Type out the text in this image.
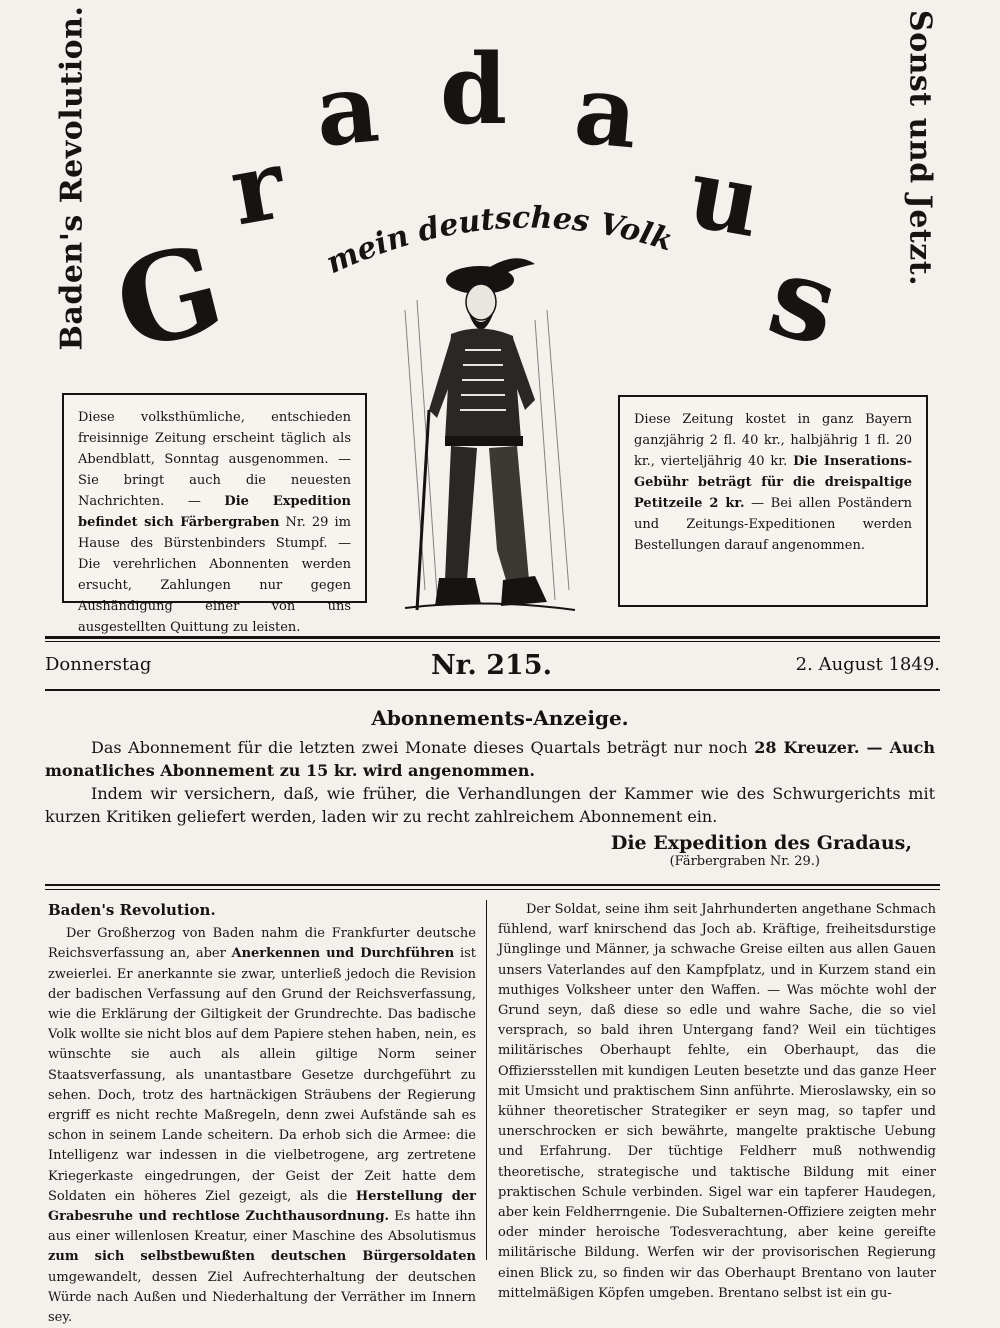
Baden's Revolution.	Sonst und Jetzt.
G
r
a d a
u
s
mein deutsches Volk!!

Diese volksthümliche, entschieden freisinnige Zeitung erscheint täglich als Abendblatt, Sonntag ausgenommen. — Sie bringt auch die neuesten Nachrichten. — Die Expedition befindet sich Färbergraben Nr. 29 im Hause des Bürstenbinders Stumpf. — Die verehrlichen Abonnenten werden ersucht, Zahlungen nur gegen Aushändigung einer von uns ausgestellten Quittung zu leisten.

Diese Zeitung kostet in ganz Bayern ganzjährig 2 fl. 40 kr., halbjährig 1 fl. 20 kr., vierteljährig 40 kr. Die Inserations-Gebühr beträgt für die dreispaltige Petitzeile 2 kr. — Bei allen Poständern und Zeitungs-Expeditionen werden Bestellungen darauf angenommen.

Donnerstag	Nr. 215.	2. August 1849.
Abonnements-Anzeige.

Das Abonnement für die letzten zwei Monate dieses Quartals beträgt nur noch 28 Kreuzer. — Auch monatliches Abonnement zu 15 kr. wird angenommen.

Indem wir versichern, daß, wie früher, die Verhandlungen der Kammer wie des Schwurgerichts mit kurzen Kritiken geliefert werden, laden wir zu recht zahlreichem Abonnement ein.

Die Expedition des Gradaus,
(Färbergraben Nr. 29.)

Baden's Revolution.

Der Großherzog von Baden nahm die Frankfurter deutsche Reichsverfassung an, aber Anerkennen und Durchführen ist zweierlei. Er anerkannte sie zwar, unterließ jedoch die Revision der badischen Verfassung auf den Grund der Reichsverfassung, wie die Erklärung der Giltigkeit der Grundrechte. Das badische Volk wollte sie nicht blos auf dem Papiere stehen haben, nein, es wünschte sie auch als allein giltige Norm seiner Staatsverfassung, als unantastbare Gesetze durchgeführt zu sehen. Doch, trotz des hartnäckigen Sträubens der Regierung ergriff es nicht rechte Maßregeln, denn zwei Aufstände sah es schon in seinem Lande scheitern. Da erhob sich die Armee: die Intelligenz war indessen in die vielbetrogene, arg zertretene Kriegerkaste eingedrungen, der Geist der Zeit hatte dem Soldaten ein höheres Ziel gezeigt, als die Herstellung der Grabesruhe und rechtlose Zuchthausordnung. Es hatte ihn aus einer willenlosen Kreatur, einer Maschine des Absolutismus zum sich selbstbewußten deutschen Bürgersoldaten umgewandelt, dessen Ziel Aufrechterhaltung der deutschen Würde nach Außen und Niederhaltung der Verräther im Innern sey.

Der Soldat, seine ihm seit Jahrhunderten angethane Schmach fühlend, warf knirschend das Joch ab. Kräftige, freiheitsdurstige Jünglinge und Männer, ja schwache Greise eilten aus allen Gauen unsers Vaterlandes auf den Kampfplatz, und in Kurzem stand ein muthiges Volksheer unter den Waffen. — Was möchte wohl der Grund seyn, daß diese so edle und wahre Sache, die so viel versprach, so bald ihren Untergang fand? Weil ein tüchtiges militärisches Oberhaupt fehlte, ein Oberhaupt, das die Offiziersstellen mit kundigen Leuten besetzte und das ganze Heer mit Umsicht und praktischem Sinn anführte. Mieroslawsky, ein so kühner theoretischer Strategiker er seyn mag, so tapfer und unerschrocken er sich bewährte, mangelte praktische Uebung und Erfahrung. Der tüchtige Feldherr muß nothwendig theoretische, strategische und taktische Bildung mit einer praktischen Schule verbinden. Sigel war ein tapferer Haudegen, aber kein Feldherrngenie. Die Subalternen-Offiziere zeigten mehr oder minder heroische Todesverachtung, aber keine gereifte militärische Bildung. Werfen wir der provisorischen Regierung einen Blick zu, so finden wir das Oberhaupt Brentano von lauter mittelmäßigen Köpfen umgeben. Brentano selbst ist ein gu-
